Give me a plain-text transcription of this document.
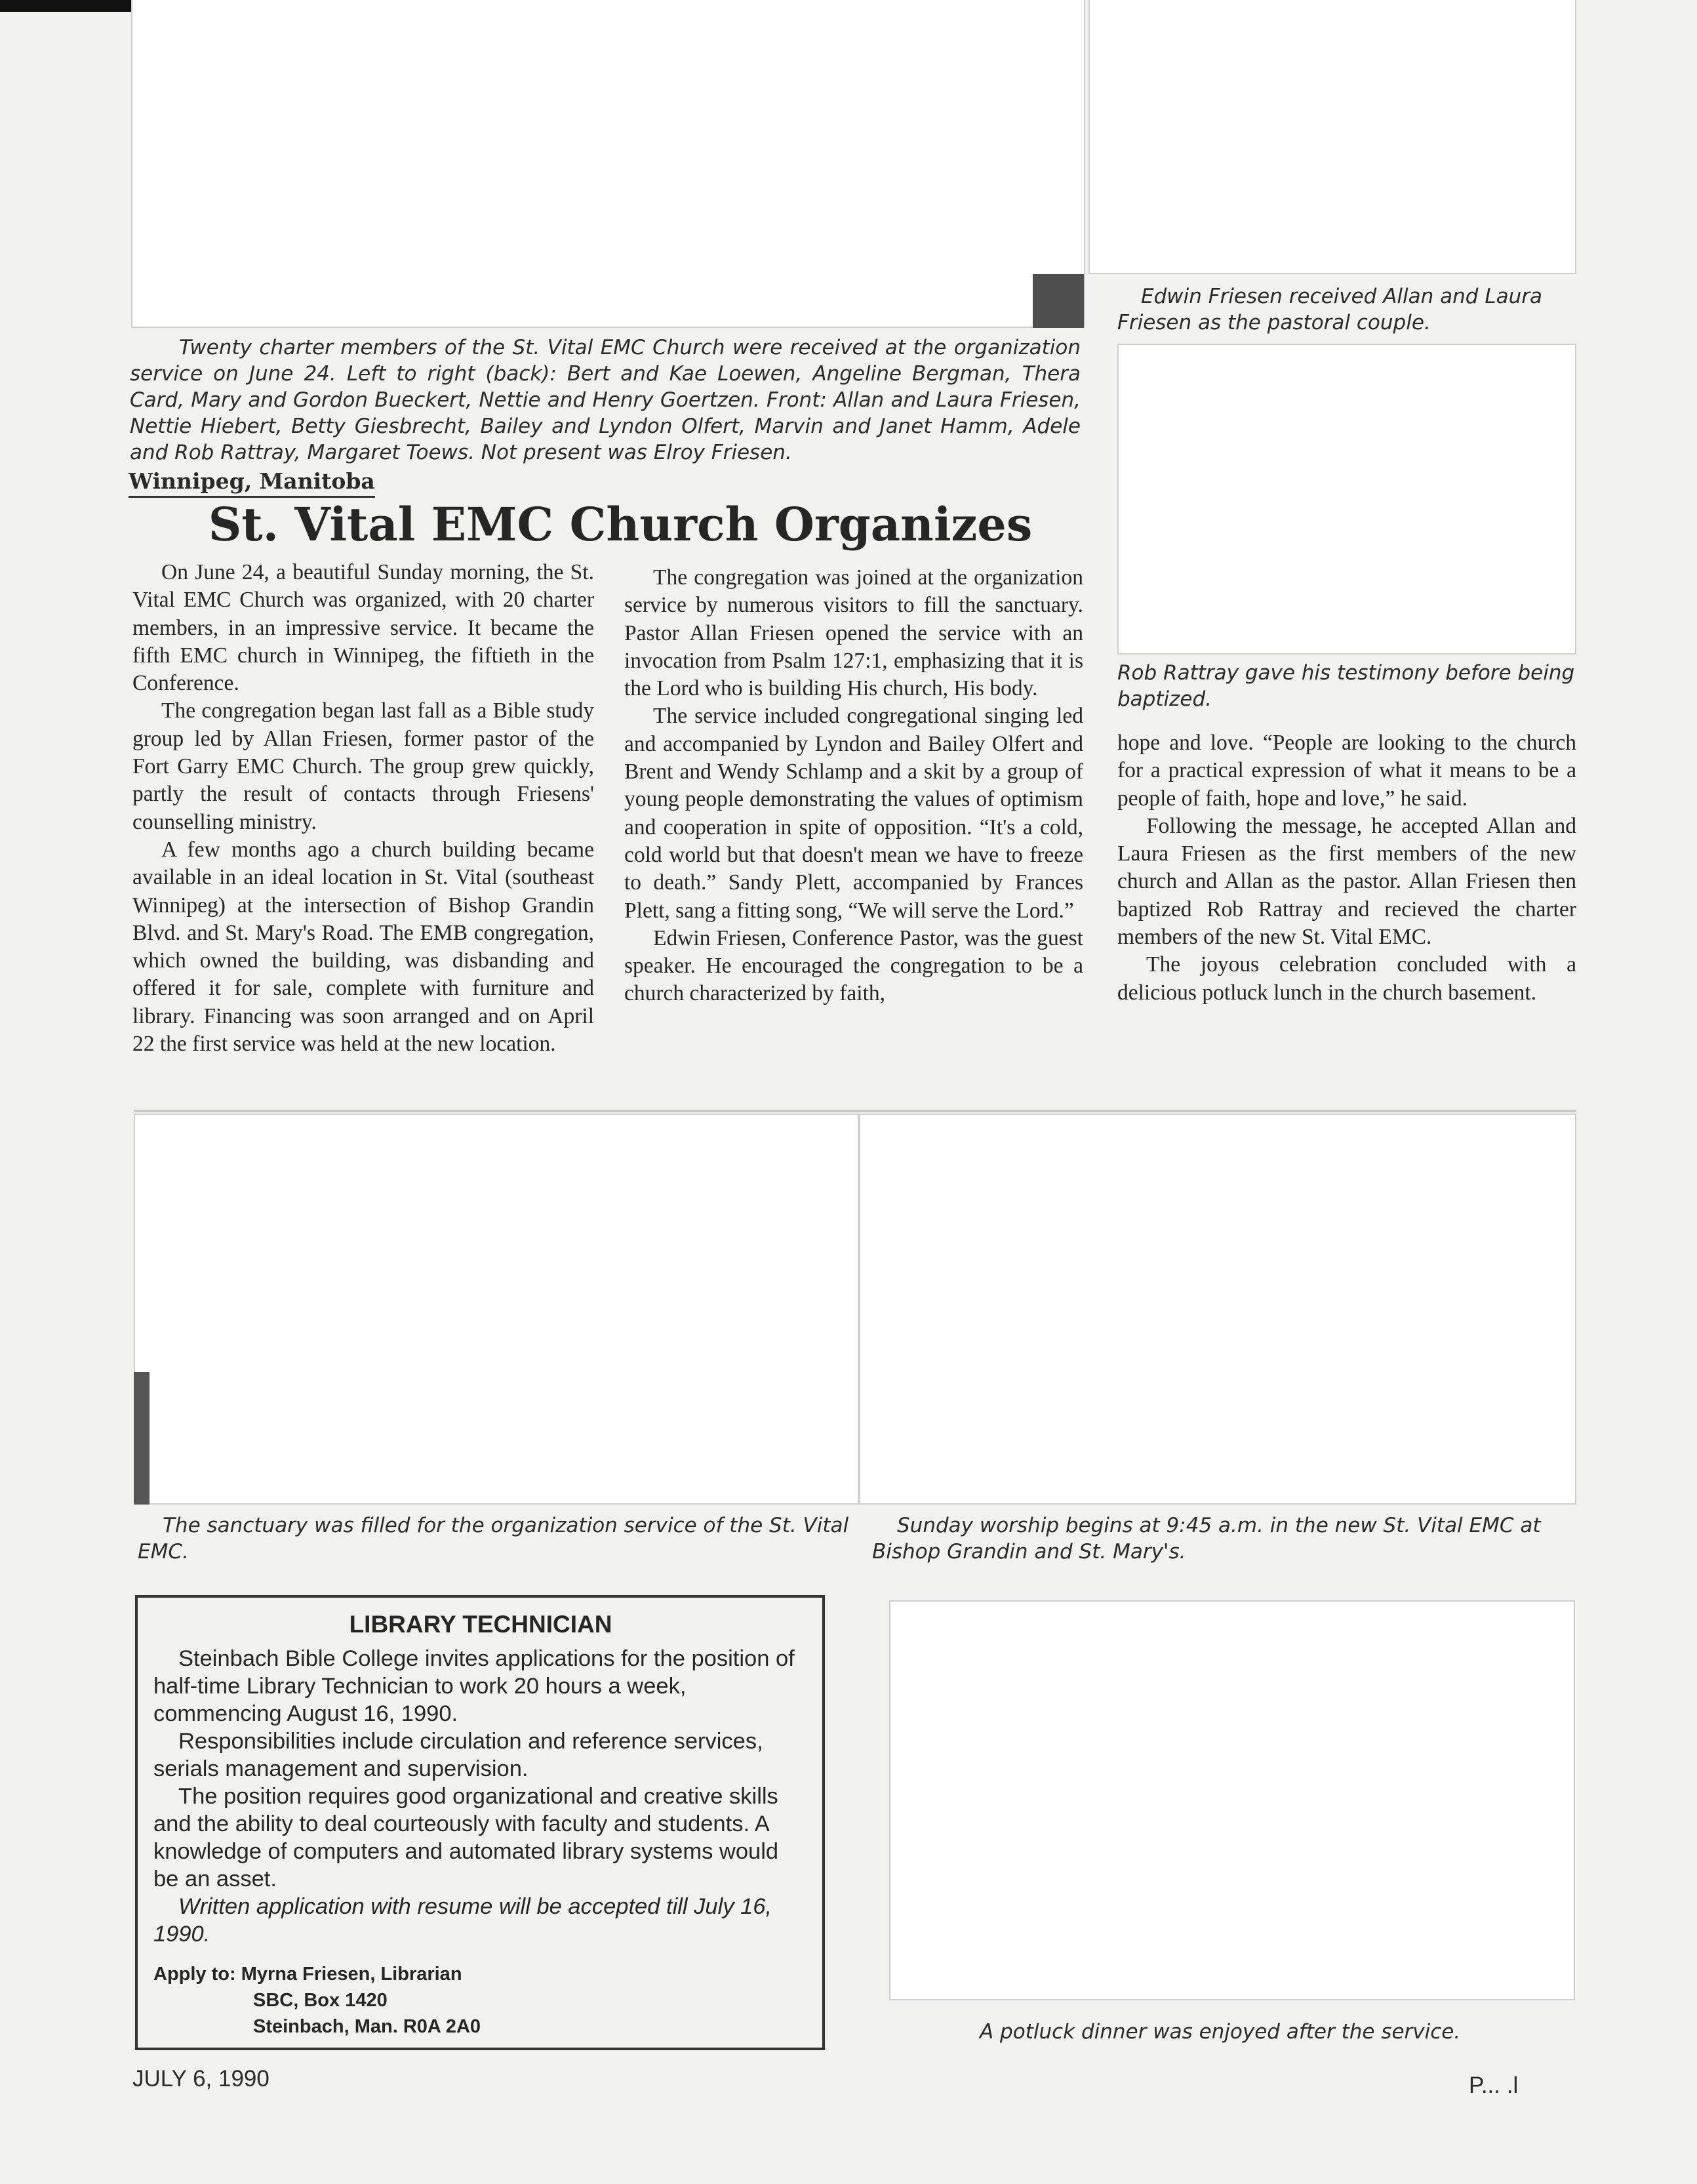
Edwin Friesen received Allan and Laura Friesen as the pastoral couple.

Rob Rattray gave his testimony before being baptized.

Twenty charter members of the St. Vital EMC Church were received at the organization service on June 24. Left to right (back): Bert and Kae Loewen, Angeline Bergman, Thera Card, Mary and Gordon Bueckert, Nettie and Henry Goertzen. Front: Allan and Laura Friesen, Nettie Hiebert, Betty Giesbrecht, Bailey and Lyndon Olfert, Marvin and Janet Hamm, Adele and Rob Rattray, Margaret Toews. Not present was Elroy Friesen.

Winnipeg, Manitoba
St. Vital EMC Church Organizes

On June 24, a beautiful Sunday morning, the St. Vital EMC Church was organized, with 20 charter members, in an impressive service. It became the fifth EMC church in Winnipeg, the fiftieth in the Conference.

The congregation began last fall as a Bible study group led by Allan Friesen, former pastor of the Fort Garry EMC Church. The group grew quickly, partly the result of contacts through Friesens' counselling ministry.

A few months ago a church building became available in an ideal location in St. Vital (southeast Winnipeg) at the intersection of Bishop Grandin Blvd. and St. Mary's Road. The EMB congregation, which owned the building, was disbanding and offered it for sale, complete with furniture and library. Financing was soon arranged and on April 22 the first service was held at the new location.

The congregation was joined at the organization service by numerous visitors to fill the sanctuary. Pastor Allan Friesen opened the service with an invocation from Psalm 127:1, emphasizing that it is the Lord who is building His church, His body.

The service included congregational singing led and accompanied by Lyndon and Bailey Olfert and Brent and Wendy Schlamp and a skit by a group of young people demonstrating the values of optimism and cooperation in spite of opposition. “It's a cold, cold world but that doesn't mean we have to freeze to death.” Sandy Plett, accompanied by Frances Plett, sang a fitting song, “We will serve the Lord.”

Edwin Friesen, Conference Pastor, was the guest speaker. He encouraged the congregation to be a church characterized by faith,

hope and love. “People are looking to the church for a practical expression of what it means to be a people of faith, hope and love,” he said.

Following the message, he accepted Allan and Laura Friesen as the first members of the new church and Allan as the pastor. Allan Friesen then baptized Rob Rattray and recieved the charter members of the new St. Vital EMC.

The joyous celebration concluded with a delicious potluck lunch in the church basement.

The sanctuary was filled for the organization service of the St. Vital EMC.

Sunday worship begins at 9:45 a.m. in the new St. Vital EMC at Bishop Grandin and St. Mary's.

LIBRARY TECHNICIAN

Steinbach Bible College invites applications for the position of half-time Library Technician to work 20 hours a week, commencing August 16, 1990.

Responsibilities include circulation and reference services, serials management and supervision.

The position requires good organizational and creative skills and the ability to deal courteously with faculty and students. A knowledge of computers and automated library systems would be an asset.

Written application with resume will be accepted till July 16, 1990.

Apply to: Myrna Friesen, Librarian
SBC, Box 1420
Steinbach, Man. R0A 2A0	A potluck dinner was enjoyed after the service.

JULY 6, 1990	P... .l
